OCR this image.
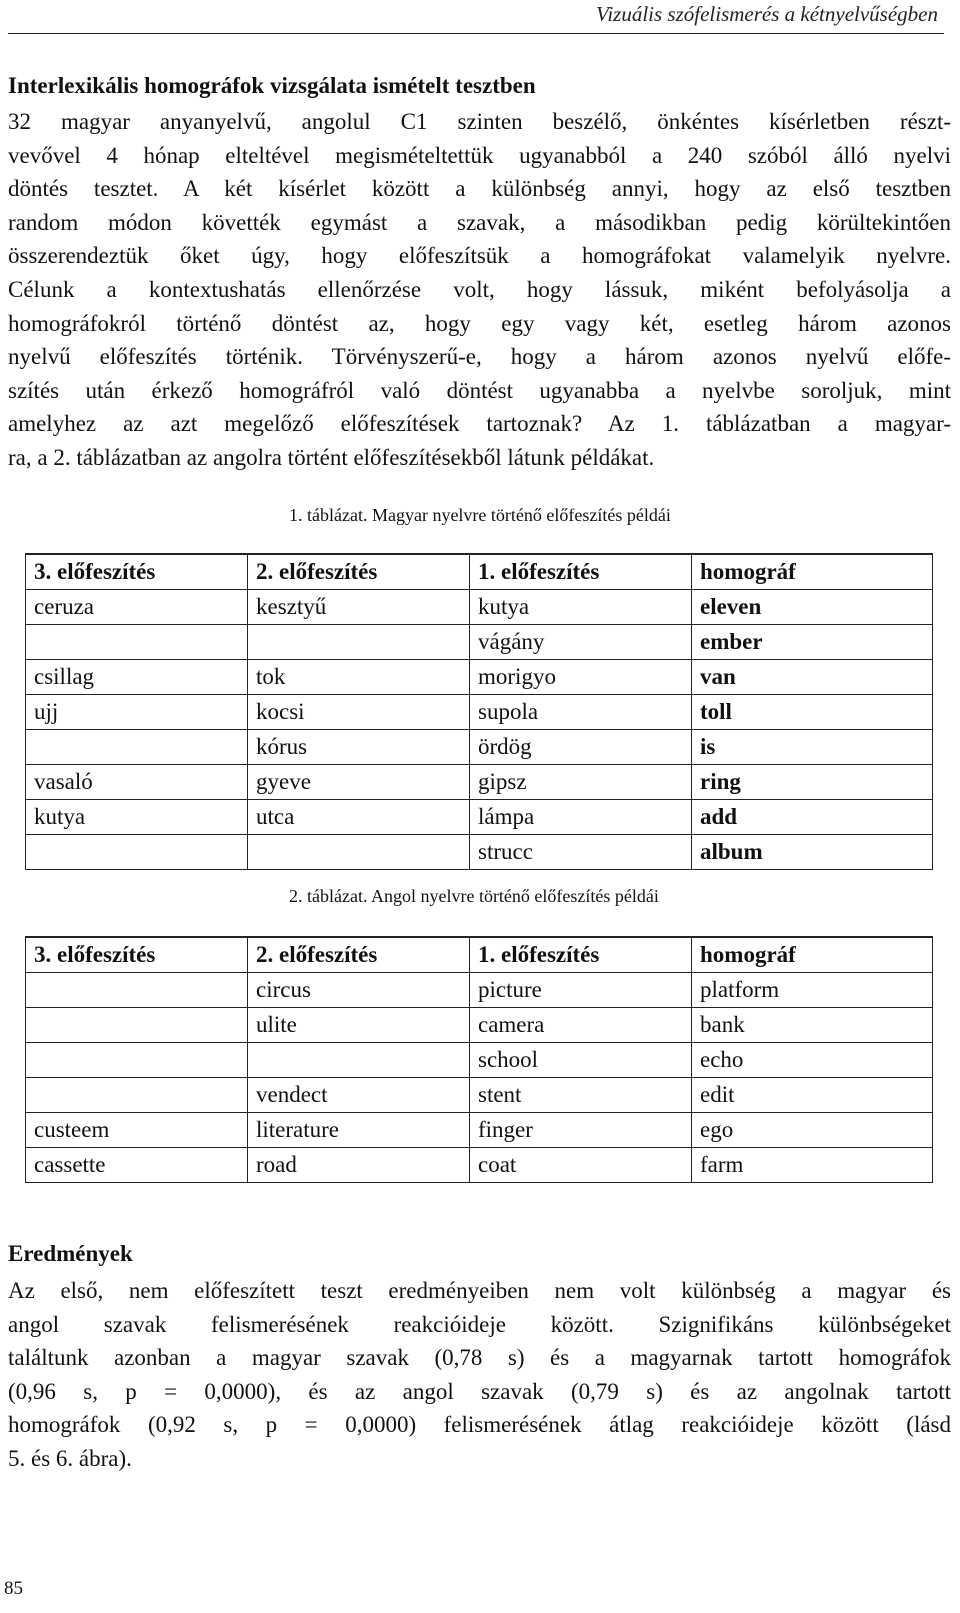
Vizuális szófelismerés a kétnyelvűségben
Interlexikális homográfok vizsgálata ismételt tesztben
32 magyar anyanyelvű, angolul C1 szinten beszélő, önkéntes kísérletben részt-
vevővel 4 hónap elteltével megismételtettük ugyanabból a 240 szóból álló nyelvi
döntés tesztet. A két kísérlet között a különbség annyi, hogy az első tesztben
random módon követték egymást a szavak, a másodikban pedig körültekintően
összerendeztük őket úgy, hogy előfeszítsük a homográfokat valamelyik nyelvre.
Célunk a kontextushatás ellenőrzése volt, hogy lássuk, miként befolyásolja a
homográfokról történő döntést az, hogy egy vagy két, esetleg három azonos
nyelvű előfeszítés történik. Törvényszerű-e, hogy a három azonos nyelvű előfe-
szítés után érkező homográfról való döntést ugyanabba a nyelvbe soroljuk, mint
amelyhez az azt megelőző előfeszítések tartoznak? Az 1. táblázatban a magyar-
ra, a 2. táblázatban az angolra történt előfeszítésekből látunk példákat.
1. táblázat. Magyar nyelvre történő előfeszítés példái
3. előfeszítés	2. előfeszítés	1. előfeszítés	homográf
ceruza	kesztyű	kutya	eleven
		vágány	ember
csillag	tok	morigyo	van
ujj	kocsi	supola	toll
	kórus	ördög	is
vasaló	gyeve	gipsz	ring
kutya	utca	lámpa	add
		strucc	album
2. táblázat. Angol nyelvre történő előfeszítés példái
3. előfeszítés	2. előfeszítés	1. előfeszítés	homográf
	circus	picture	platform
	ulite	camera	bank
		school	echo
	vendect	stent	edit
custeem	literature	finger	ego
cassette	road	coat	farm
Eredmények
Az első, nem előfeszített teszt eredményeiben nem volt különbség a magyar és
angol szavak felismerésének reakcióideje között. Szignifikáns különbségeket
találtunk azonban a magyar szavak (0,78 s) és a magyarnak tartott homográfok
(0,96 s, p = 0,0000), és az angol szavak (0,79 s) és az angolnak tartott
homográfok (0,92 s, p = 0,0000) felismerésének átlag reakcióideje között (lásd
5. és 6. ábra).
85
